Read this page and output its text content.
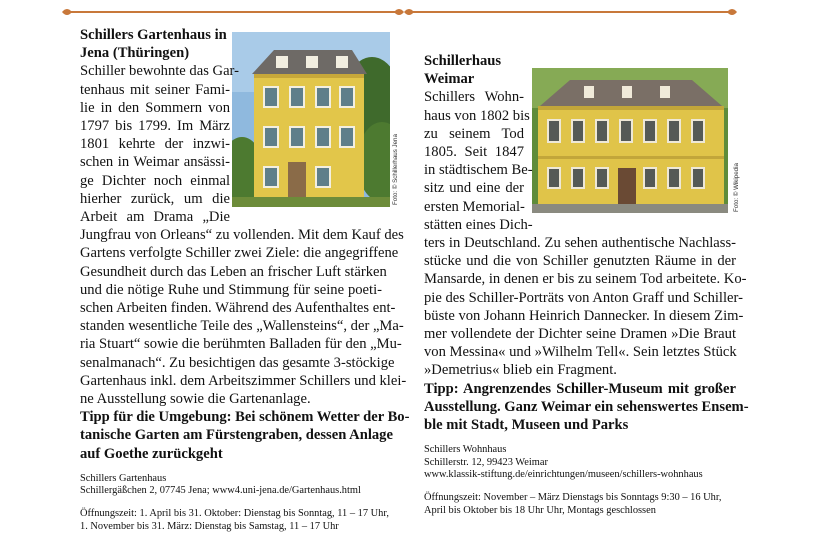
Foto: © Schillerhaus Jena	Foto: © Wikipedia
Schillers Gartenhaus in
Jena (Thüringen)
Schiller bewohnte das Gar-
tenhaus mit seiner Fami-
lie in den Sommern von
1797 bis 1799. Im März
1801 kehrte der inzwi-
schen in Weimar ansässi-
ge Dichter noch einmal
hierher zurück, um die
Arbeit am Drama „Die
Jungfrau von Orleans“ zu vollenden. Mit dem Kauf des
Gartens verfolgte Schiller zwei Ziele: die angegriffene
Gesundheit durch das Leben an frischer Luft stärken
und die nötige Ruhe und Stimmung für seine poeti-
schen Arbeiten finden. Während des Aufenthaltes ent-
standen wesentliche Teile des „Wallensteins“, der „Ma-
ria Stuart“ sowie die berühmten Balladen für den „Mu-
senalmanach“. Zu besichtigen das gesamte 3-stöckige
Gartenhaus inkl. dem Arbeitszimmer Schillers und klei-
ne Ausstellung sowie die Gartenanlage.
Tipp für die Umgebung: Bei schönem Wetter der Bo-
tanische Garten am Fürstengraben, dessen Anlage
auf Goethe zurückgeht
Schillers Gartenhaus
Schillergäßchen 2, 07745 Jena; www4.uni-jena.de/Gartenhaus.html
Öffnungszeit: 1. April bis 31. Oktober: Dienstag bis Sonntag, 11 – 17 Uhr,
1. November bis 31. März: Dienstag bis Samstag, 11 – 17 Uhr
Schillerhaus
Weimar
Schillers Wohn-
haus von 1802 bis
zu seinem Tod
1805. Seit 1847
in städtischem Be-
sitz und eine der
ersten Memorial-
stätten eines Dich-
ters in Deutschland. Zu sehen authentische Nachlass-
stücke und die von Schiller genutzten Räume in der
Mansarde, in denen er bis zu seinem Tod arbeitete. Ko-
pie des Schiller-Porträts von Anton Graff und Schiller-
büste von Johann Heinrich Dannecker. In diesem Zim-
mer vollendete der Dichter seine Dramen »Die Braut
von Messina« und »Wilhelm Tell«. Sein letztes Stück
»Demetrius« blieb ein Fragment.
Tipp: Angrenzendes Schiller-Museum mit großer
Ausstellung. Ganz Weimar ein sehenswertes Ensem-
ble mit Stadt, Museen und Parks
Schillers Wohnhaus
Schillerstr. 12, 99423 Weimar
www.klassik-stiftung.de/einrichtungen/museen/schillers-wohnhaus
Öffnungszeit: November – März Dienstags bis Sonntags 9:30 – 16 Uhr,
April bis Oktober bis 18 Uhr Uhr, Montags geschlossen
